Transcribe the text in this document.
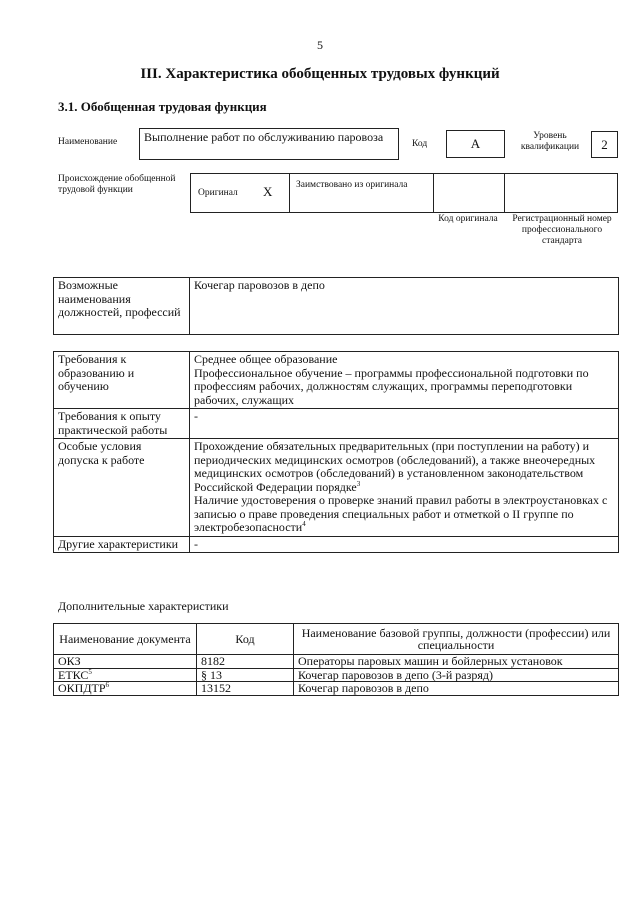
5
III. Характеристика обобщенных трудовых функций
3.1. Обобщенная трудовая функция
Наименование	Выполнение работ по обслуживанию паровоза	Код	А	Уровень квалификации	2
Происхождение обобщенной трудовой функции	Оригинал X Заимствовано из оригинала
Код оригинала	Регистрационный номер профессионального стандарта
Возможные наименования должностей, профессий	Кочегар паровозов в депо
Требования к образованию и обучению	Среднее общее образование
Профессиональное обучение – программы профессиональной подготовки по профессиям рабочих, должностям служащих, программы переподготовки рабочих, служащих

Требования к опыту практической работы	-
Особые условия допуска к работе	Прохождение обязательных предварительных (при поступлении на работу) и периодических медицинских осмотров (обследований), а также внеочередных медицинских осмотров (обследований) в установленном законодательством Российской Федерации порядке$^3$
Наличие удостоверения о проверке знаний правил работы в электроустановках с записью о праве проведения специальных работ и отметкой о II группе по электробезопасности$^4$

Другие характеристики	-
Дополнительные характеристики
Наименование документа	Код	Наименование базовой группы, должности (профессии) или специальности
ОКЗ	8182	Операторы паровых машин и бойлерных установок
ЕТКС$^5$	§ 13	Кочегар паровозов в депо (3-й разряд)
ОКПДТР$^6$	13152	Кочегар паровозов в депо
